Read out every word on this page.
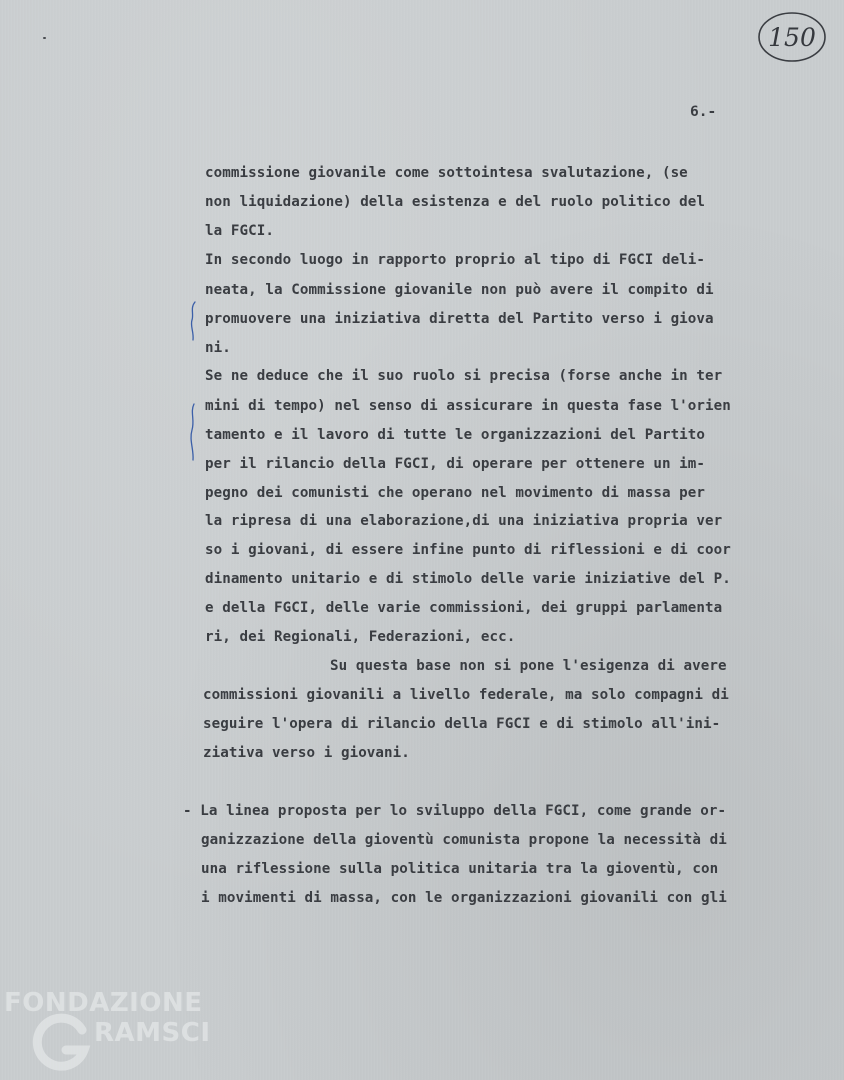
150
6.-
commissione giovanile come sottointesa svalutazione, (se
non liquidazione) della esistenza e del ruolo politico del
la FGCI.
In secondo luogo in rapporto proprio al tipo di FGCI deli-
neata, la Commissione giovanile non può avere il compito di
promuovere una iniziativa diretta del Partito verso i giova
ni.
Se ne deduce che il suo ruolo si precisa (forse anche in ter
mini di tempo) nel senso di assicurare in questa fase l'orien
tamento e il lavoro di tutte le organizzazioni del Partito
per il rilancio della FGCI, di operare per ottenere un im-
pegno dei comunisti che operano nel movimento di massa per
la ripresa di una elaborazione,di una iniziativa propria ver
so i giovani, di essere infine punto di riflessioni e di coor
dinamento unitario e di stimolo delle varie iniziative del P.
e della FGCI, delle varie commissioni, dei gruppi parlamenta
ri, dei Regionali, Federazioni, ecc.
Su questa base non si pone l'esigenza di avere
commissioni giovanili a livello federale, ma solo compagni di
seguire l'opera di rilancio della FGCI e di stimolo all'ini-
ziativa verso i giovani.
- La linea proposta per lo sviluppo della FGCI, come grande or-
ganizzazione della gioventù comunista propone la necessità di
una riflessione sulla politica unitaria tra la gioventù, con
i movimenti di massa, con le organizzazioni giovanili con gli
FONDAZIONE
RAMSCI
